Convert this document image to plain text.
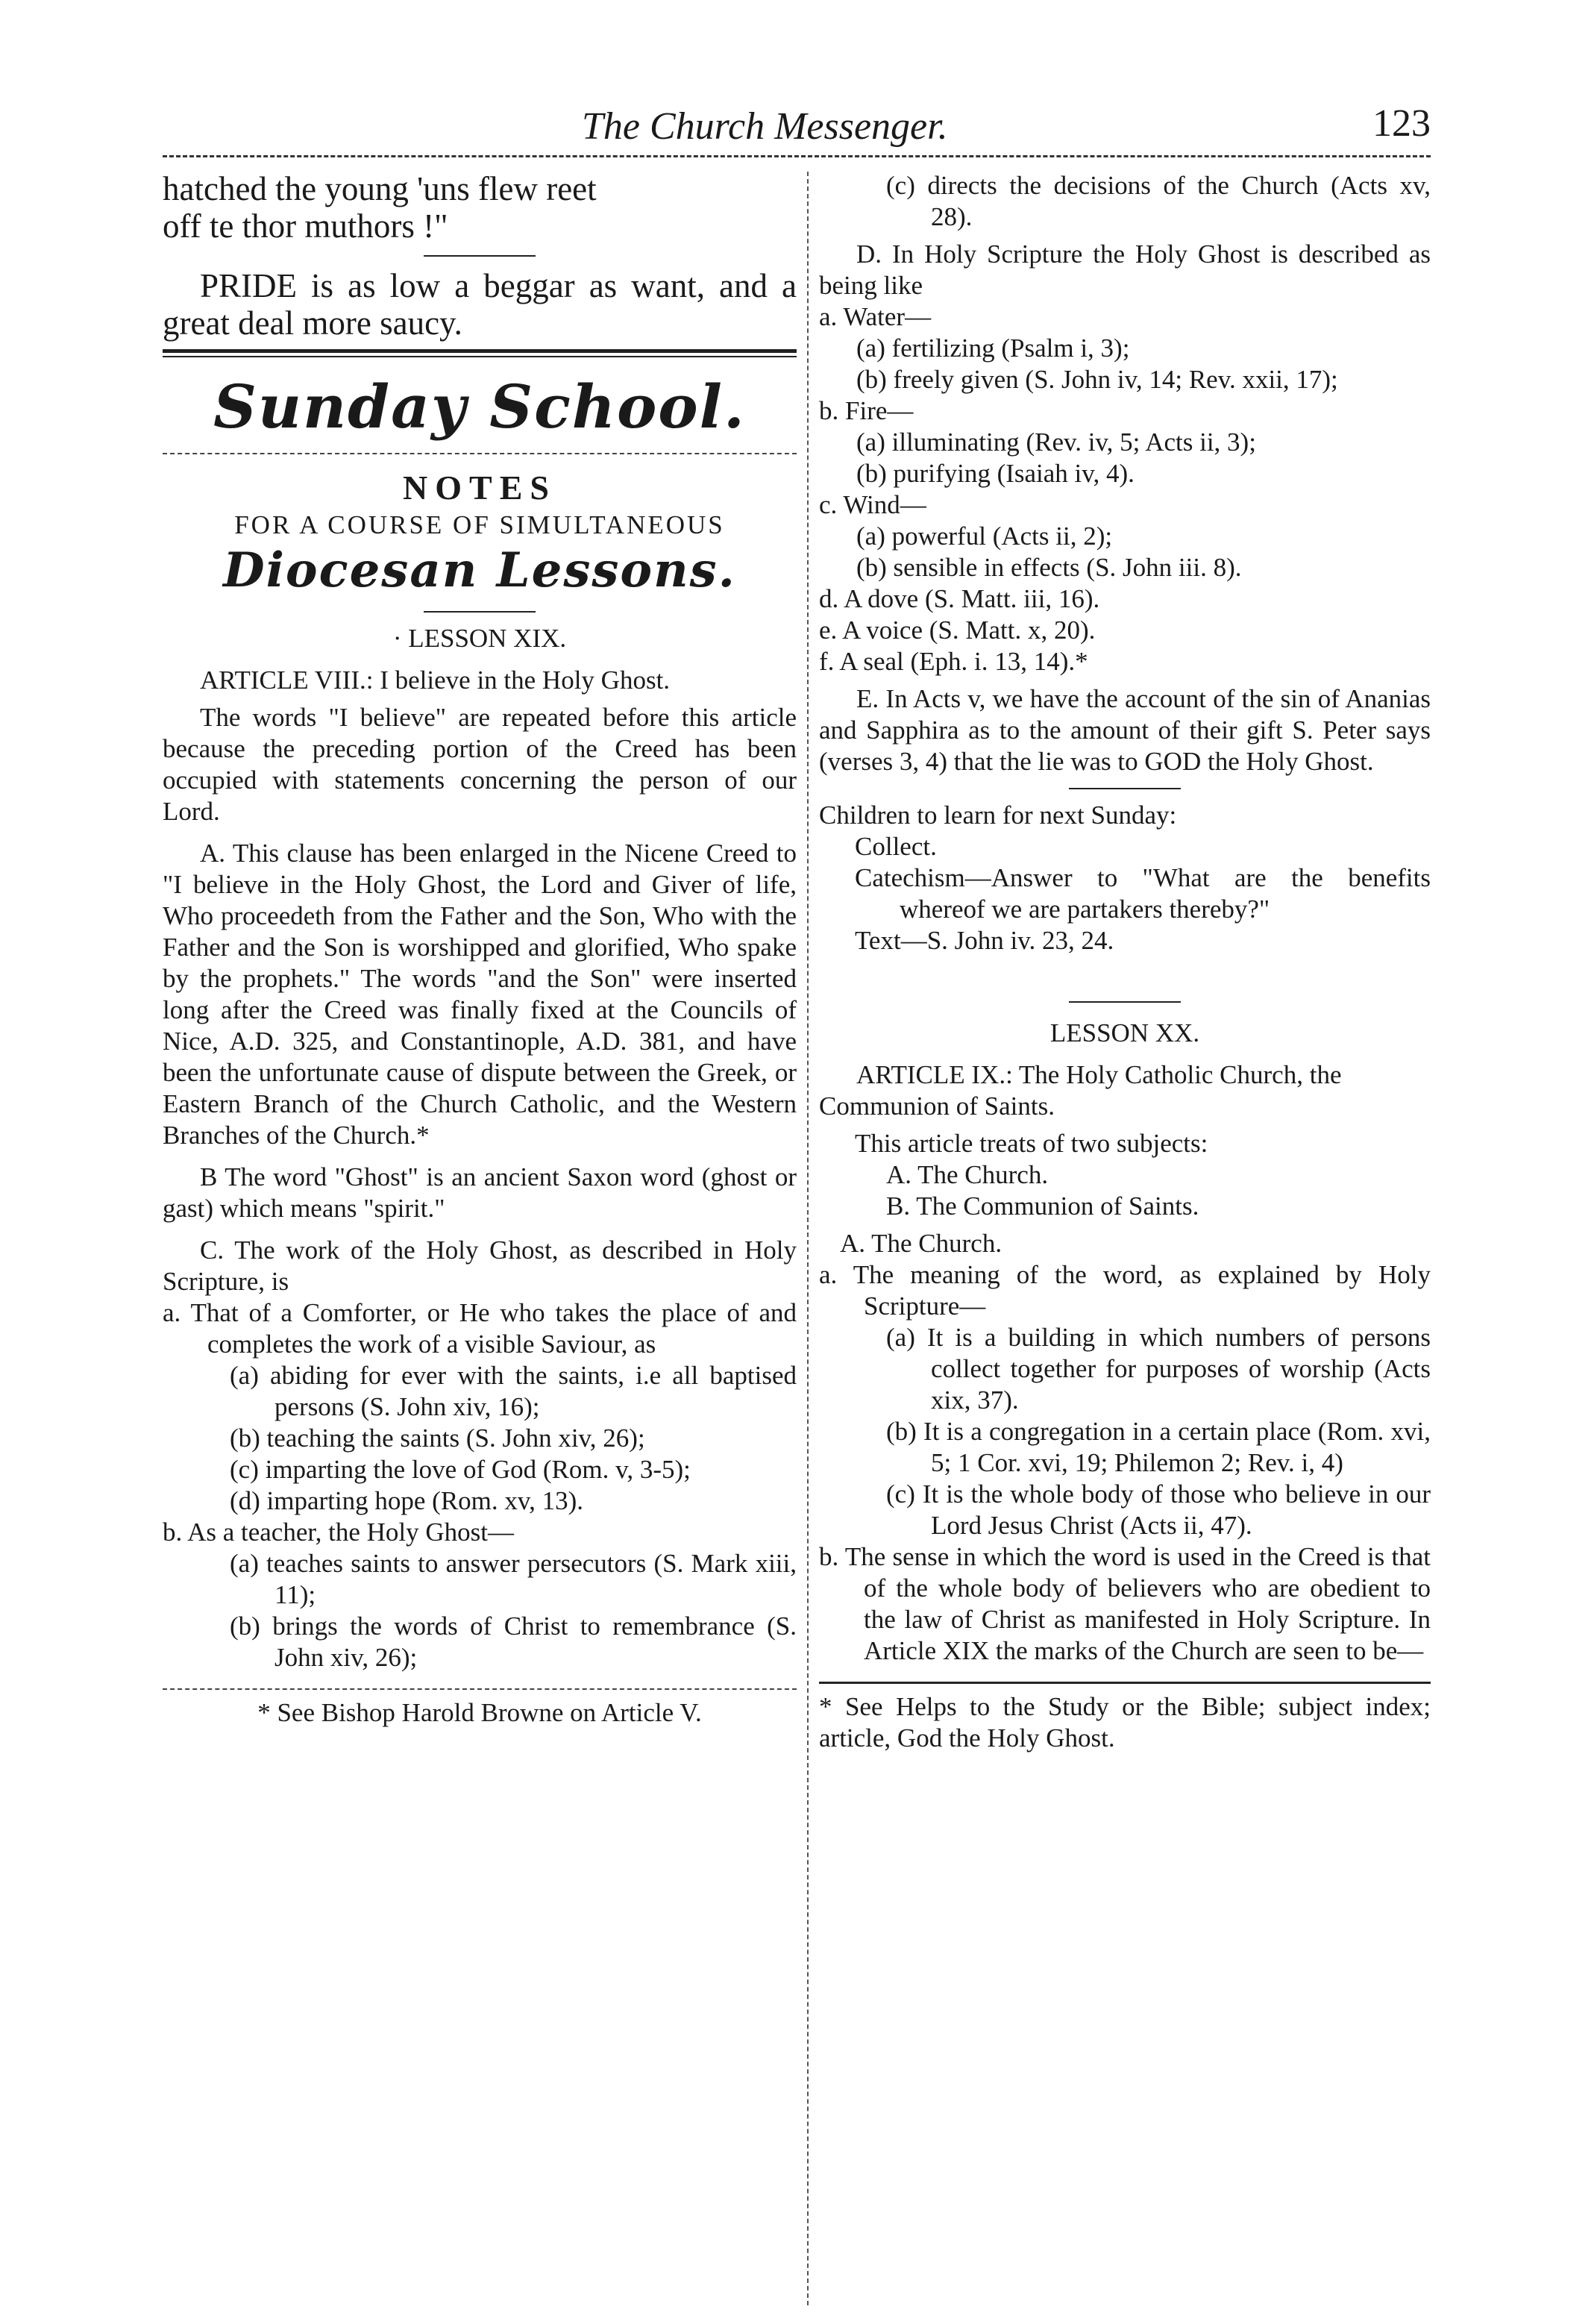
The Church Messenger.	123

hatched the young 'uns flew reet

off te thor muthors !"

PRIDE is as low a beggar as want, and a great deal more saucy.

Sunday School.

NOTES

FOR A COURSE OF SIMULTANEOUS

Diocesan Lessons.

· LESSON XIX.

ARTICLE VIII.: I believe in the Holy Ghost.

The words "I believe" are repeated before this article because the preceding portion of the Creed has been occupied with statements concerning the person of our Lord.

A. This clause has been enlarged in the Nicene Creed to "I believe in the Holy Ghost, the Lord and Giver of life, Who proceedeth from the Father and the Son, Who with the Father and the Son is worshipped and glorified, Who spake by the prophets." The words "and the Son" were inserted long after the Creed was finally fixed at the Councils of Nice, A.D. 325, and Constantinople, A.D. 381, and have been the unfortunate cause of dispute between the Greek, or Eastern Branch of the Church Catholic, and the Western Branches of the Church.*

B The word "Ghost" is an ancient Saxon word (ghost or gast) which means "spirit."

C. The work of the Holy Ghost, as described in Holy Scripture, is

a. That of a Comforter, or He who takes the place of and completes the work of a visible Saviour, as

(a) abiding for ever with the saints, i.e all baptised persons (S. John xiv, 16);

(b) teaching the saints (S. John xiv, 26);

(c) imparting the love of God (Rom. v, 3-5);

(d) imparting hope (Rom. xv, 13).

b. As a teacher, the Holy Ghost—

(a) teaches saints to answer persecutors (S. Mark xiii, 11);

(b) brings the words of Christ to remembrance (S. John xiv, 26);

* See Bishop Harold Browne on Article V.

(c) directs the decisions of the Church (Acts xv, 28).

D. In Holy Scripture the Holy Ghost is described as being like

a. Water—

(a) fertilizing (Psalm i, 3);

(b) freely given (S. John iv, 14; Rev. xxii, 17);

b. Fire—

(a) illuminating (Rev. iv, 5; Acts ii, 3);

(b) purifying (Isaiah iv, 4).

c. Wind—

(a) powerful (Acts ii, 2);

(b) sensible in effects (S. John iii. 8).

d. A dove (S. Matt. iii, 16).

e. A voice (S. Matt. x, 20).

f. A seal (Eph. i. 13, 14).*

E. In Acts v, we have the account of the sin of Ananias and Sapphira as to the amount of their gift S. Peter says (verses 3, 4) that the lie was to GOD the Holy Ghost.

Children to learn for next Sunday:

Collect.

Catechism—Answer to "What are the benefits whereof we are partakers thereby?"

Text—S. John iv. 23, 24.

LESSON XX.

ARTICLE IX.: The Holy Catholic Church, the Communion of Saints.

This article treats of two subjects:

A. The Church.

B. The Communion of Saints.

A. The Church.

a. The meaning of the word, as explained by Holy Scripture—

(a) It is a building in which numbers of persons collect together for purposes of worship (Acts xix, 37).

(b) It is a congregation in a certain place (Rom. xvi, 5; 1 Cor. xvi, 19; Philemon 2; Rev. i, 4)

(c) It is the whole body of those who believe in our Lord Jesus Christ (Acts ii, 47).

b. The sense in which the word is used in the Creed is that of the whole body of believers who are obedient to the law of Christ as manifested in Holy Scripture. In Article XIX the marks of the Church are seen to be—

* See Helps to the Study or the Bible; subject index; article, God the Holy Ghost.
